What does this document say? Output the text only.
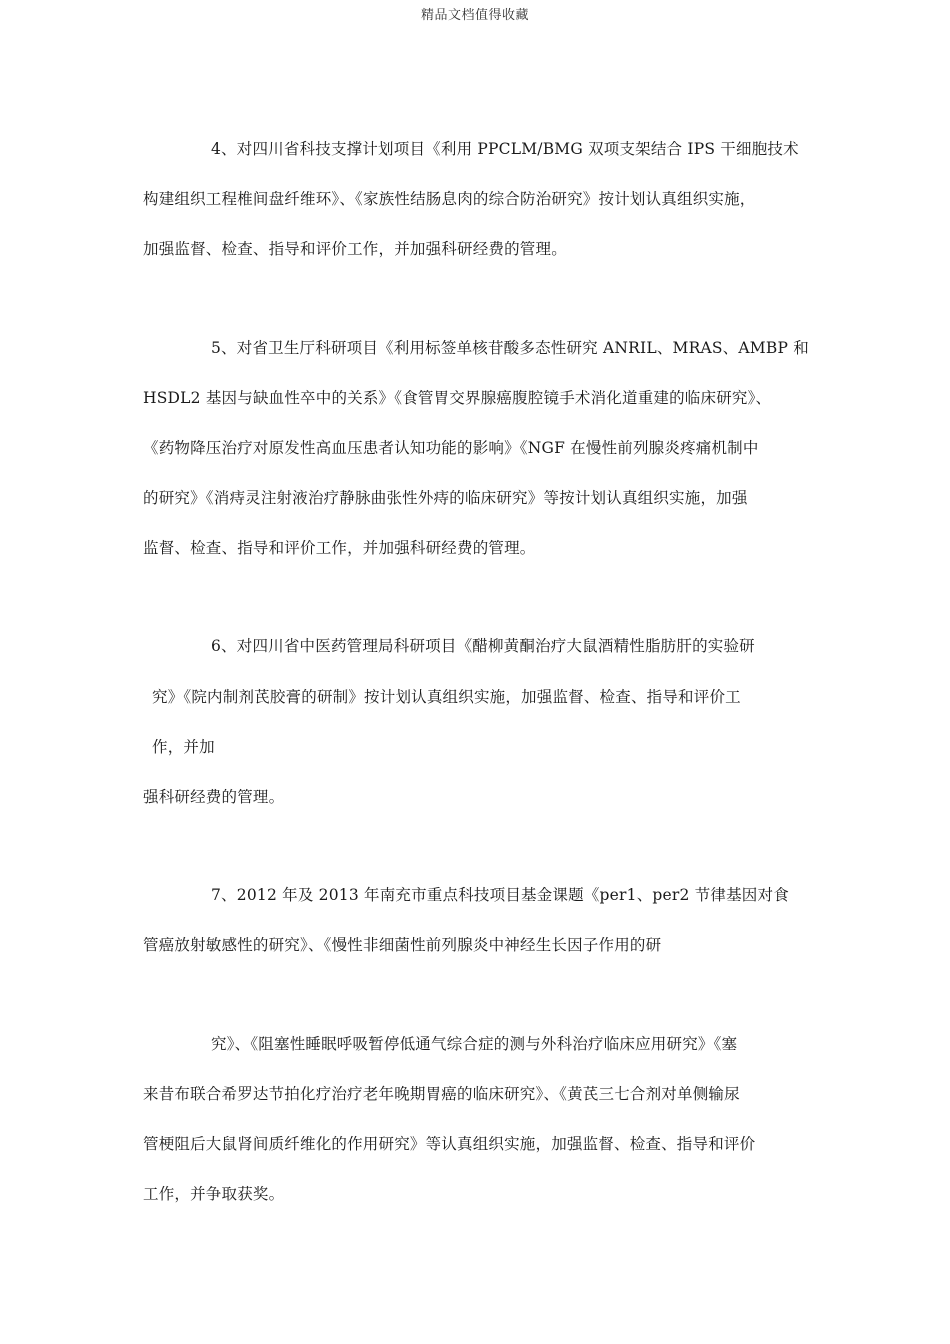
精品文档值得收藏
4、对四川省科技支撑计划项目《利用 PPCLM/BMG 双项支架结合 IPS 干细胞技术
构建组织工程椎间盘纤维环》、《家族性结肠息肉的综合防治研究》按计划认真组织实施，
加强监督、检查、指导和评价工作，并加强科研经费的管理。
5、对省卫生厅科研项目《利用标签单核苷酸多态性研究 ANRIL、MRAS、AMBP 和
HSDL2 基因与缺血性卒中的关系》《食管胃交界腺癌腹腔镜手术消化道重建的临床研究》、
《药物降压治疗对原发性高血压患者认知功能的影响》《NGF 在慢性前列腺炎疼痛机制中
的研究》《消痔灵注射液治疗静脉曲张性外痔的临床研究》等按计划认真组织实施，加强
监督、检查、指导和评价工作，并加强科研经费的管理。
6、对四川省中医药管理局科研项目《醋柳黄酮治疗大鼠酒精性脂肪肝的实验研
究》《院内制剂芪胶膏的研制》按计划认真组织实施，加强监督、检查、指导和评价工
作，并加
强科研经费的管理。
7、2012 年及 2013 年南充市重点科技项目基金课题《per1、per2 节律基因对食
管癌放射敏感性的研究》、《慢性非细菌性前列腺炎中神经生长因子作用的研
究》、《阻塞性睡眠呼吸暂停低通气综合症的测与外科治疗临床应用研究》《塞
来昔布联合希罗达节拍化疗治疗老年晚期胃癌的临床研究》、《黄芪三七合剂对单侧输尿
管梗阻后大鼠肾间质纤维化的作用研究》等认真组织实施，加强监督、检查、指导和评价
工作，并争取获奖。
